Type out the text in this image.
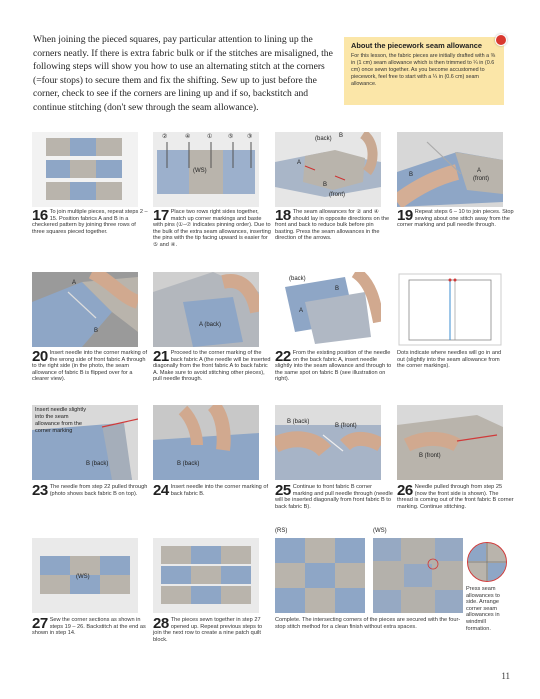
When joining the pieced squares, pay particular attention to lining up the corners neatly. If there is extra fabric bulk or if the stitches are misaligned, the following steps will show you how to use an alternating stitch at the corners (=four stops) to secure them and fix the shifting. Sew up to just before the corner, check to see if the corners are lining up and if so, backstitch and continue stitching (don't sew through the seam allowance).
About the piecework seam allowance

For this lesson, the fabric pieces are initially drafted with a ⅜ in (1 cm) seam allowance which is then trimmed to ¼ in (0.6 cm) once sewn together. As you become accustomed to piecework, feel free to start with a ¼ in (0.6 cm) seam allowance.

16 To join multiple pieces, repeat steps 2 – 15. Position fabrics A and B in a checkered pattern by joining three rows of three squares pieced together.
②	④	①	⑤ ③
(WS)
17 Place two rows right sides together, match up corner markings and baste with pins (①–⑦ indicates pinning order). Due to the bulk of the extra seam allowances, inserting the pins with the tip facing upward is easier for ⑤ and ④.
(back) B
A
B
(front)
18 The seam allowances for ② and ④ should lay in opposite directions on the front and back to reduce bulk before pin basting. Press the seam allowances in the direction of the arrows.
B
A
(front)
19 Repeat steps 6 – 10 to join pieces. Stop sewing about one stitch away from the corner marking and pull needle through.
A
B
20 Insert needle into the corner marking of the wrong side of front fabric A through to the right side (in the photo, the seam allowance of fabric B is flipped over for a clearer view).
A (back)
21 Proceed to the corner marking of the back fabric A (the needle will be inserted diagonally from the front fabric A to back fabric A. Make sure to avoid stitching other pieces), pull needle through.
(back)
B
A
22 From the existing position of the needle on the back fabric A, insert needle slightly into the seam allowance and through to the same spot on fabric B (see illustration on right).
Dots indicate where needles will go in and out (slightly into the seam allowance from the corner markings).
Insert needle slightly into the seam allowance from the corner marking
B (back)
23 The needle from step 22 pulled through (photo shows back fabric B on top).
B (back)
24 Insert needle into the corner marking of back fabric B.
B (back)
B (front)
25 Continue to front fabric B corner marking and pull needle through (needle will be inserted diagonally from front fabric B to back fabric B).
B (front)
26 Needle pulled through from step 25 (now the front side is shown). The thread is coming out of the front fabric B corner marking. Continue stitching.
(WS)
27 Sew the corner sections as shown in steps 19 – 26. Backstitch at the end as shown in step 14.
28 The pieces sewn together in step 27 opened up. Repeat previous steps to join the next row to create a nine patch quilt block.
(RS)	(WS)
Press seam allowances to side. Arrange corner seam allowances in windmill formation.
Complete. The intersecting corners of the pieces are secured with the four-stop stitch method for a clean finish without extra spaces.
11
